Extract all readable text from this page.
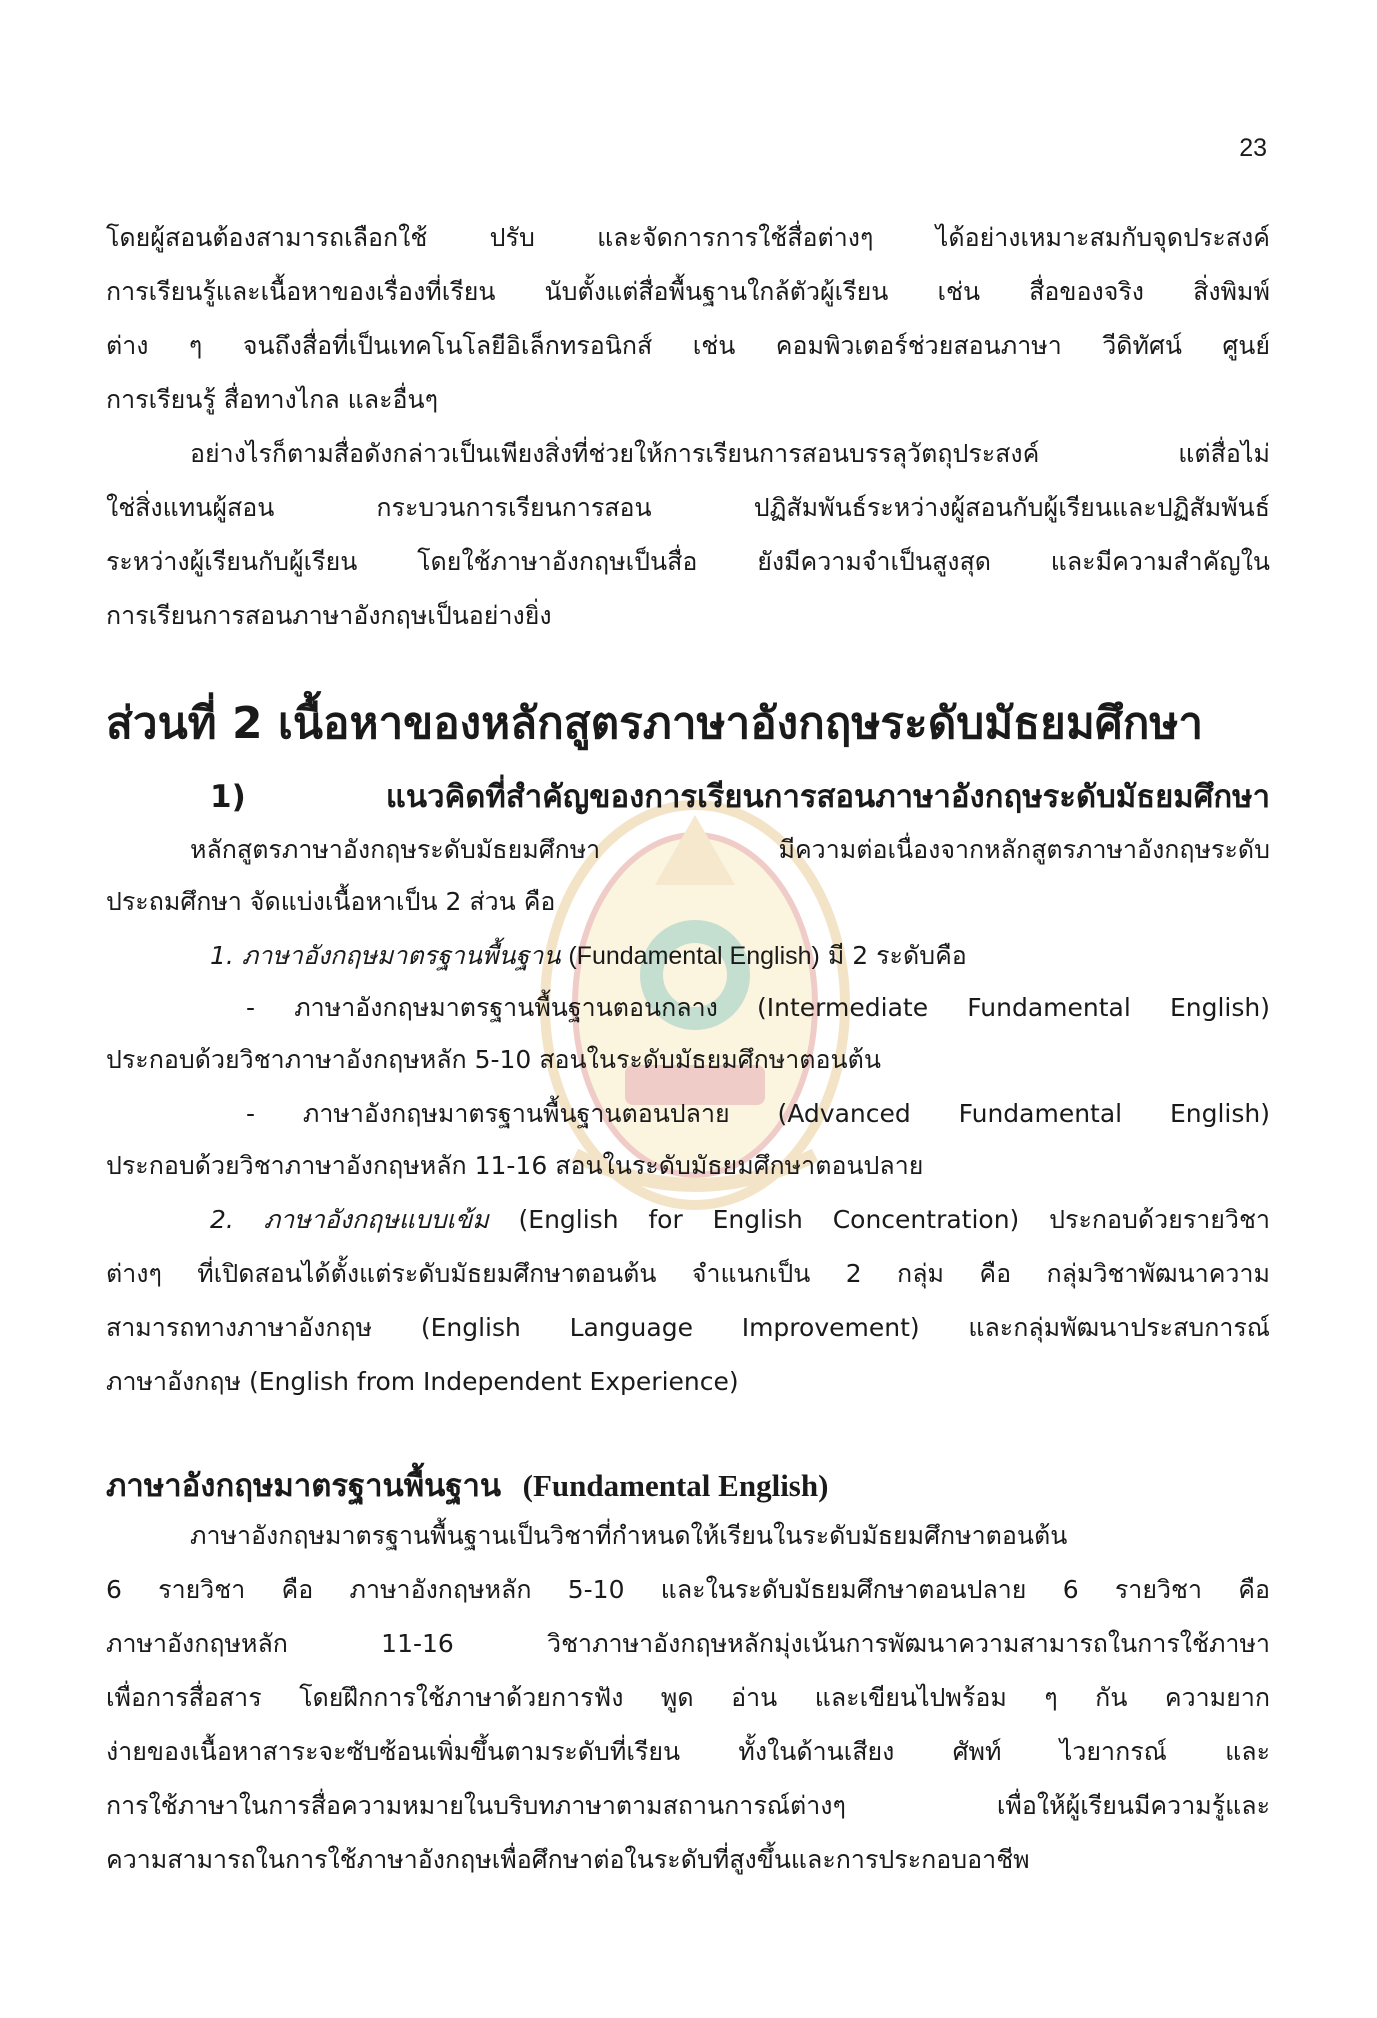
23
โดยผู้สอนต้องสามารถเลือกใช้ ปรับ และจัดการการใช้สื่อต่างๆ ได้อย่างเหมาะสมกับจุดประสงค์
การเรียนรู้และเนื้อหาของเรื่องที่เรียน นับตั้งแต่สื่อพื้นฐานใกล้ตัวผู้เรียน เช่น สื่อของจริง สิ่งพิมพ์
ต่าง ๆ จนถึงสื่อที่เป็นเทคโนโลยีอิเล็กทรอนิกส์ เช่น คอมพิวเตอร์ช่วยสอนภาษา วีดิทัศน์ ศูนย์
การเรียนรู้ สื่อทางไกล และอื่นๆ
อย่างไรก็ตามสื่อดังกล่าวเป็นเพียงสิ่งที่ช่วยให้การเรียนการสอนบรรลุวัตถุประสงค์ แต่สื่อไม่
ใช่สิ่งแทนผู้สอน กระบวนการเรียนการสอน ปฏิสัมพันธ์ระหว่างผู้สอนกับผู้เรียนและปฏิสัมพันธ์
ระหว่างผู้เรียนกับผู้เรียน โดยใช้ภาษาอังกฤษเป็นสื่อ ยังมีความจำเป็นสูงสุด และมีความสำคัญใน
การเรียนการสอนภาษาอังกฤษเป็นอย่างยิ่ง
ส่วนที่ 2 เนื้อหาของหลักสูตรภาษาอังกฤษระดับมัธยมศึกษา
1) แนวคิดที่สำคัญของการเรียนการสอนภาษาอังกฤษระดับมัธยมศึกษา
หลักสูตรภาษาอังกฤษระดับมัธยมศึกษา มีความต่อเนื่องจากหลักสูตรภาษาอังกฤษระดับ
ประถมศึกษา จัดแบ่งเนื้อหาเป็น 2 ส่วน คือ
1. ภาษาอังกฤษมาตรฐานพื้นฐาน (Fundamental English) มี 2 ระดับคือ
- ภาษาอังกฤษมาตรฐานพื้นฐานตอนกลาง (Intermediate Fundamental English)
ประกอบด้วยวิชาภาษาอังกฤษหลัก 5-10 สอนในระดับมัธยมศึกษาตอนต้น
- ภาษาอังกฤษมาตรฐานพื้นฐานตอนปลาย (Advanced Fundamental English)
ประกอบด้วยวิชาภาษาอังกฤษหลัก 11-16 สอนในระดับมัธยมศึกษาตอนปลาย
2. ภาษาอังกฤษแบบเข้ม (English for English Concentration) ประกอบด้วยรายวิชา
ต่างๆ ที่เปิดสอนได้ตั้งแต่ระดับมัธยมศึกษาตอนต้น จำแนกเป็น 2 กลุ่ม คือ กลุ่มวิชาพัฒนาความ
สามารถทางภาษาอังกฤษ (English Language Improvement) และกลุ่มพัฒนาประสบการณ์
ภาษาอังกฤษ (English from Independent Experience)
ภาษาอังกฤษมาตรฐานพื้นฐาน (Fundamental English)
ภาษาอังกฤษมาตรฐานพื้นฐานเป็นวิชาที่กำหนดให้เรียนในระดับมัธยมศึกษาตอนต้น
6 รายวิชา คือ ภาษาอังกฤษหลัก 5-10 และในระดับมัธยมศึกษาตอนปลาย 6 รายวิชา คือ
ภาษาอังกฤษหลัก 11-16 วิชาภาษาอังกฤษหลักมุ่งเน้นการพัฒนาความสามารถในการใช้ภาษา
เพื่อการสื่อสาร โดยฝึกการใช้ภาษาด้วยการฟัง พูด อ่าน และเขียนไปพร้อม ๆ กัน ความยาก
ง่ายของเนื้อหาสาระจะซับซ้อนเพิ่มขึ้นตามระดับที่เรียน ทั้งในด้านเสียง ศัพท์ ไวยากรณ์ และ
การใช้ภาษาในการสื่อความหมายในบริบทภาษาตามสถานการณ์ต่างๆ เพื่อให้ผู้เรียนมีความรู้และ
ความสามารถในการใช้ภาษาอังกฤษเพื่อศึกษาต่อในระดับที่สูงขึ้นและการประกอบอาชีพ
